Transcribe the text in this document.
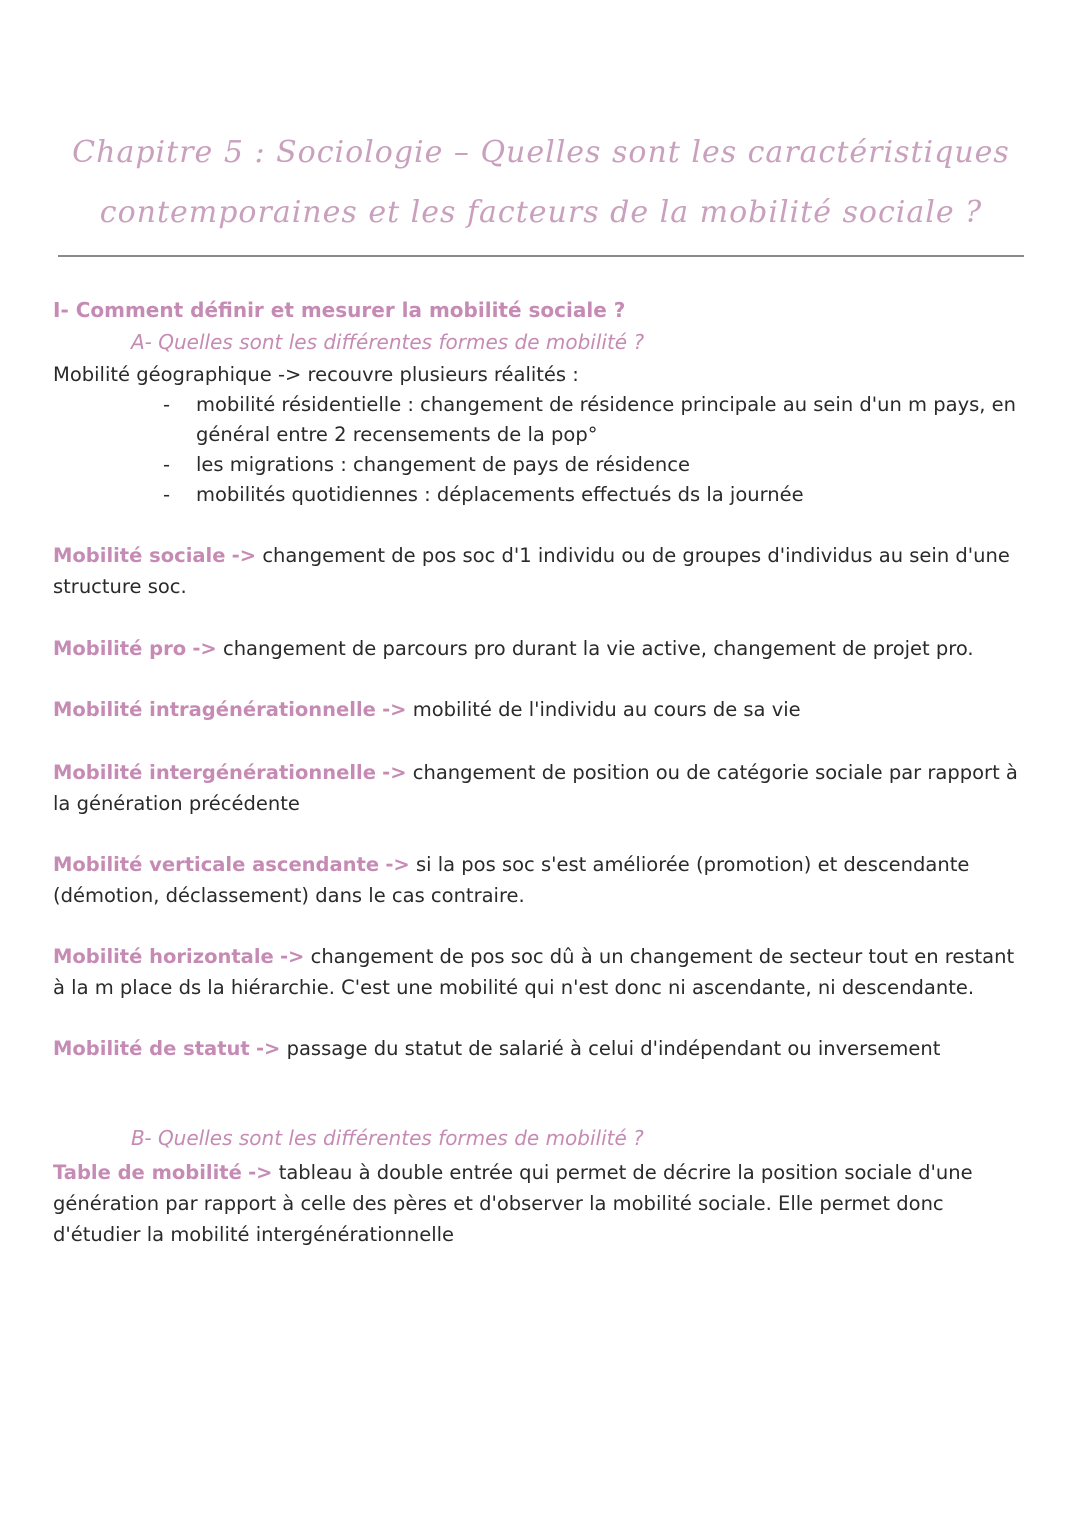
Chapitre 5 : Sociologie – Quelles sont les caractéristiques
contemporaines et les facteurs de la mobilité sociale ?
I- Comment définir et mesurer la mobilité sociale ?
A- Quelles sont les différentes formes de mobilité ?
Mobilité géographique -> recouvre plusieurs réalités :
- mobilité résidentielle : changement de résidence principale au sein d'un m pays, en général entre 2 recensements de la pop°
- les migrations : changement de pays de résidence
- mobilités quotidiennes : déplacements effectués ds la journée
Mobilité sociale -> changement de pos soc d'1 individu ou de groupes d'individus au sein d'une structure soc.
Mobilité pro -> changement de parcours pro durant la vie active, changement de projet pro.
Mobilité intragénérationnelle -> mobilité de l'individu au cours de sa vie
Mobilité intergénérationnelle -> changement de position ou de catégorie sociale par rapport à la génération précédente
Mobilité verticale ascendante -> si la pos soc s'est améliorée (promotion) et descendante (démotion, déclassement) dans le cas contraire.
Mobilité horizontale -> changement de pos soc dû à un changement de secteur tout en restant à la m place ds la hiérarchie. C'est une mobilité qui n'est donc ni ascendante, ni descendante.
Mobilité de statut -> passage du statut de salarié à celui d'indépendant ou inversement
B- Quelles sont les différentes formes de mobilité ?
Table de mobilité -> tableau à double entrée qui permet de décrire la position sociale d'une génération par rapport à celle des pères et d'observer la mobilité sociale. Elle permet donc d'étudier la mobilité intergénérationnelle
